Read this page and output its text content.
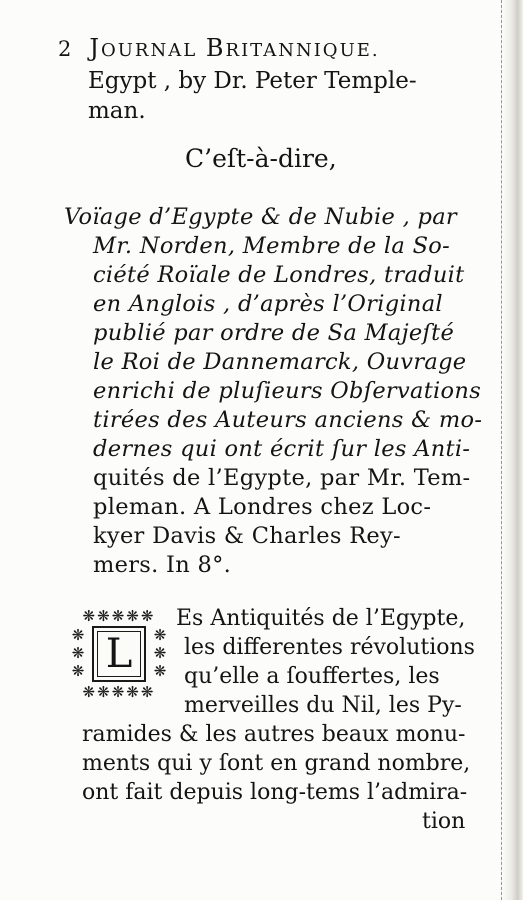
2 JOURNAL BRITANNIQUE.
Egypt , by Dr. Peter Temple-
man.
C’eſt-à-dire,
Voïage d’Egypte & de Nubie , par
Mr. Norden, Membre de la So-
ciété Roïale de Londres, traduit
en Anglois , d’après l’Original
publié par ordre de Sa Majeſté
le Roi de Dannemarck, Ouvrage
enrichi de pluſieurs Obſervations
tirées des Auteurs anciens & mo-
dernes qui ont écrit ſur les Anti-
quités de l’Egypte, par Mr. Tem-
pleman. A Londres chez Loc-
kyer Davis & Charles Rey-
mers. In 8°.
❋❋❋❋❋
❋
❋
❋ L	❋
❋
❋
❋❋❋❋❋
Es Antiquités de l’Egypte,
les differentes révolutions
qu’elle a ſouffertes, les
merveilles du Nil, les Py-
ramides & les autres beaux monu-
ments qui y ſont en grand nombre,
ont fait depuis long-tems l’admira-
tion
